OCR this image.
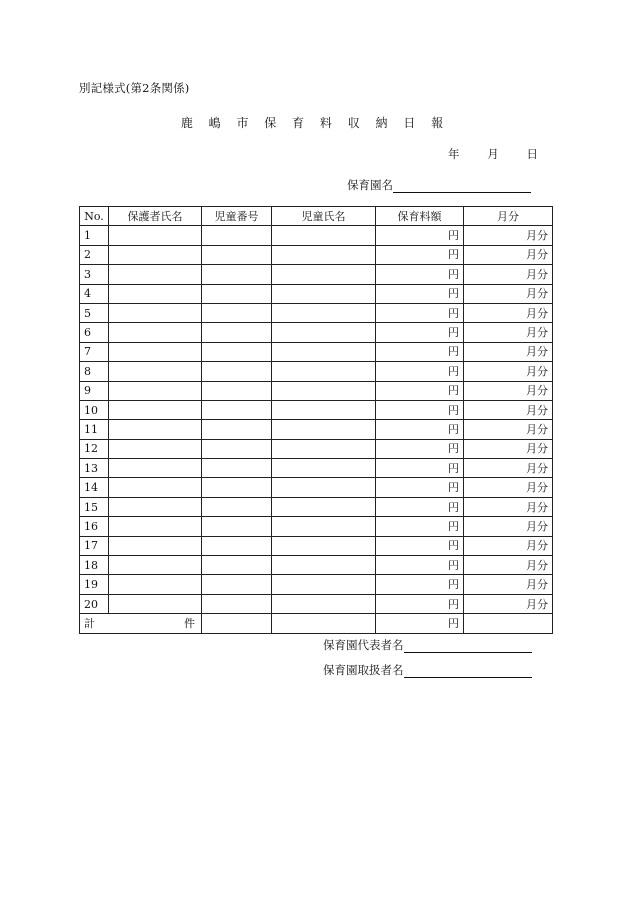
別記様式(第2条関係)
鹿 嶋 市 保 育 料 収 納 日 報
年 月 日
保育園名
No.	保護者氏名	児童番号	児童氏名	保育料額	月分
1				円	月分
2				円	月分
3				円	月分
4				円	月分
5				円	月分
6				円	月分
7				円	月分
8				円	月分
9				円	月分
10				円	月分
11				円	月分
12				円	月分
13				円	月分
14				円	月分
15				円	月分
16				円	月分
17				円	月分
18				円	月分
19				円	月分
20				円	月分
計 件				円	
保育園代表者名
保育園取扱者名
